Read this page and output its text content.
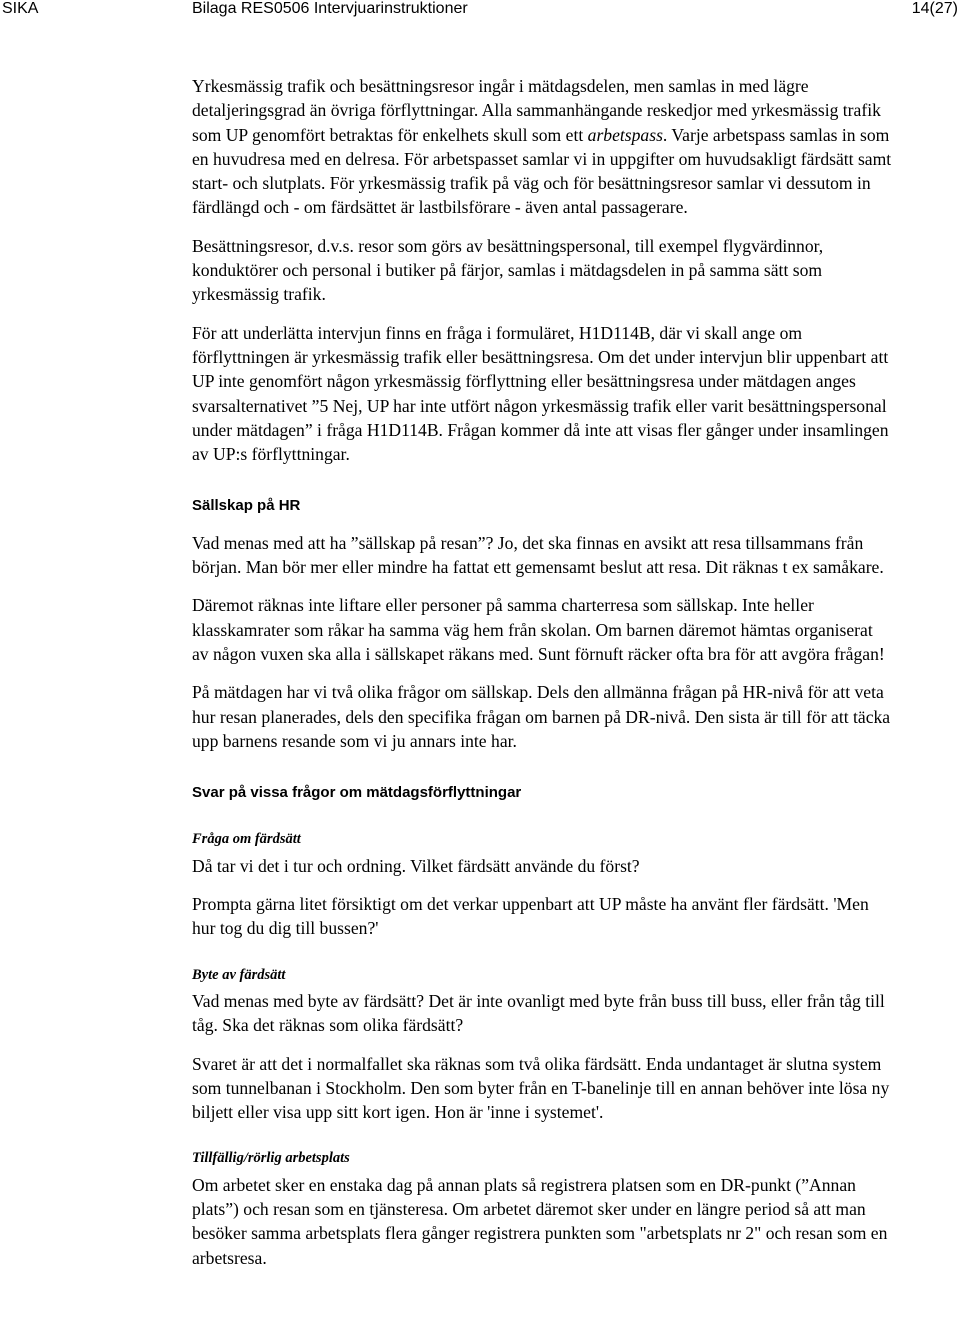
SIKA	Bilaga RES0506 Intervjuarinstruktioner	14(27)

Yrkesmässig trafik och besättningsresor ingår i mätdagsdelen, men samlas in med lägre detaljeringsgrad än övriga förflyttningar. Alla sammanhängande reskedjor med yrkesmässig trafik som UP genomfört betraktas för enkelhets skull som ett arbetspass. Varje arbetspass samlas in som en huvudresa med en delresa. För arbetspasset samlar vi in uppgifter om huvudsakligt färdsätt samt start- och slutplats. För yrkesmässig trafik på väg och för besättningsresor samlar vi dessutom in färdlängd och - om färdsättet är lastbilsförare - även antal passagerare.

Besättningsresor, d.v.s. resor som görs av besättningspersonal, till exempel flygvärdinnor, konduktörer och personal i butiker på färjor, samlas i mätdagsdelen in på samma sätt som yrkesmässig trafik.

För att underlätta intervjun finns en fråga i formuläret, H1D114B, där vi skall ange om förflyttningen är yrkesmässig trafik eller besättningsresa. Om det under intervjun blir uppenbart att UP inte genomfört någon yrkesmässig förflyttning eller besättningsresa under mätdagen anges svarsalternativet ”5 Nej, UP har inte utfört någon yrkesmässig trafik eller varit besättningspersonal under mätdagen” i fråga H1D114B. Frågan kommer då inte att visas fler gånger under insamlingen av UP:s förflyttningar.

Sällskap på HR

Vad menas med att ha ”sällskap på resan”? Jo, det ska finnas en avsikt att resa tillsammans från början. Man bör mer eller mindre ha fattat ett gemensamt beslut att resa. Dit räknas t ex samåkare.

Däremot räknas inte liftare eller personer på samma charterresa som sällskap. Inte heller klasskamrater som råkar ha samma väg hem från skolan. Om barnen däremot hämtas organiserat av någon vuxen ska alla i sällskapet räkans med. Sunt förnuft räcker ofta bra för att avgöra frågan!

På mätdagen har vi två olika frågor om sällskap. Dels den allmänna frågan på HR-nivå för att veta hur resan planerades, dels den specifika frågan om barnen på DR-nivå. Den sista är till för att täcka upp barnens resande som vi ju annars inte har.

Svar på vissa frågor om mätdagsförflyttningar
Fråga om färdsätt

Då tar vi det i tur och ordning. Vilket färdsätt använde du först?

Prompta gärna litet försiktigt om det verkar uppenbart att UP måste ha använt fler färdsätt. 'Men hur tog du dig till bussen?'

Byte av färdsätt

Vad menas med byte av färdsätt? Det är inte ovanligt med byte från buss till buss, eller från tåg till tåg. Ska det räknas som olika färdsätt?

Svaret är att det i normalfallet ska räknas som två olika färdsätt. Enda undantaget är slutna system som tunnelbanan i Stockholm. Den som byter från en T-banelinje till en annan behöver inte lösa ny biljett eller visa upp sitt kort igen. Hon är 'inne i systemet'.

Tillfällig/rörlig arbetsplats

Om arbetet sker en enstaka dag på annan plats så registrera platsen som en DR-punkt (”Annan plats”) och resan som en tjänsteresa. Om arbetet däremot sker under en längre period så att man besöker samma arbetsplats flera gånger registrera punkten som "arbetsplats nr 2" och resan som en arbetsresa.
